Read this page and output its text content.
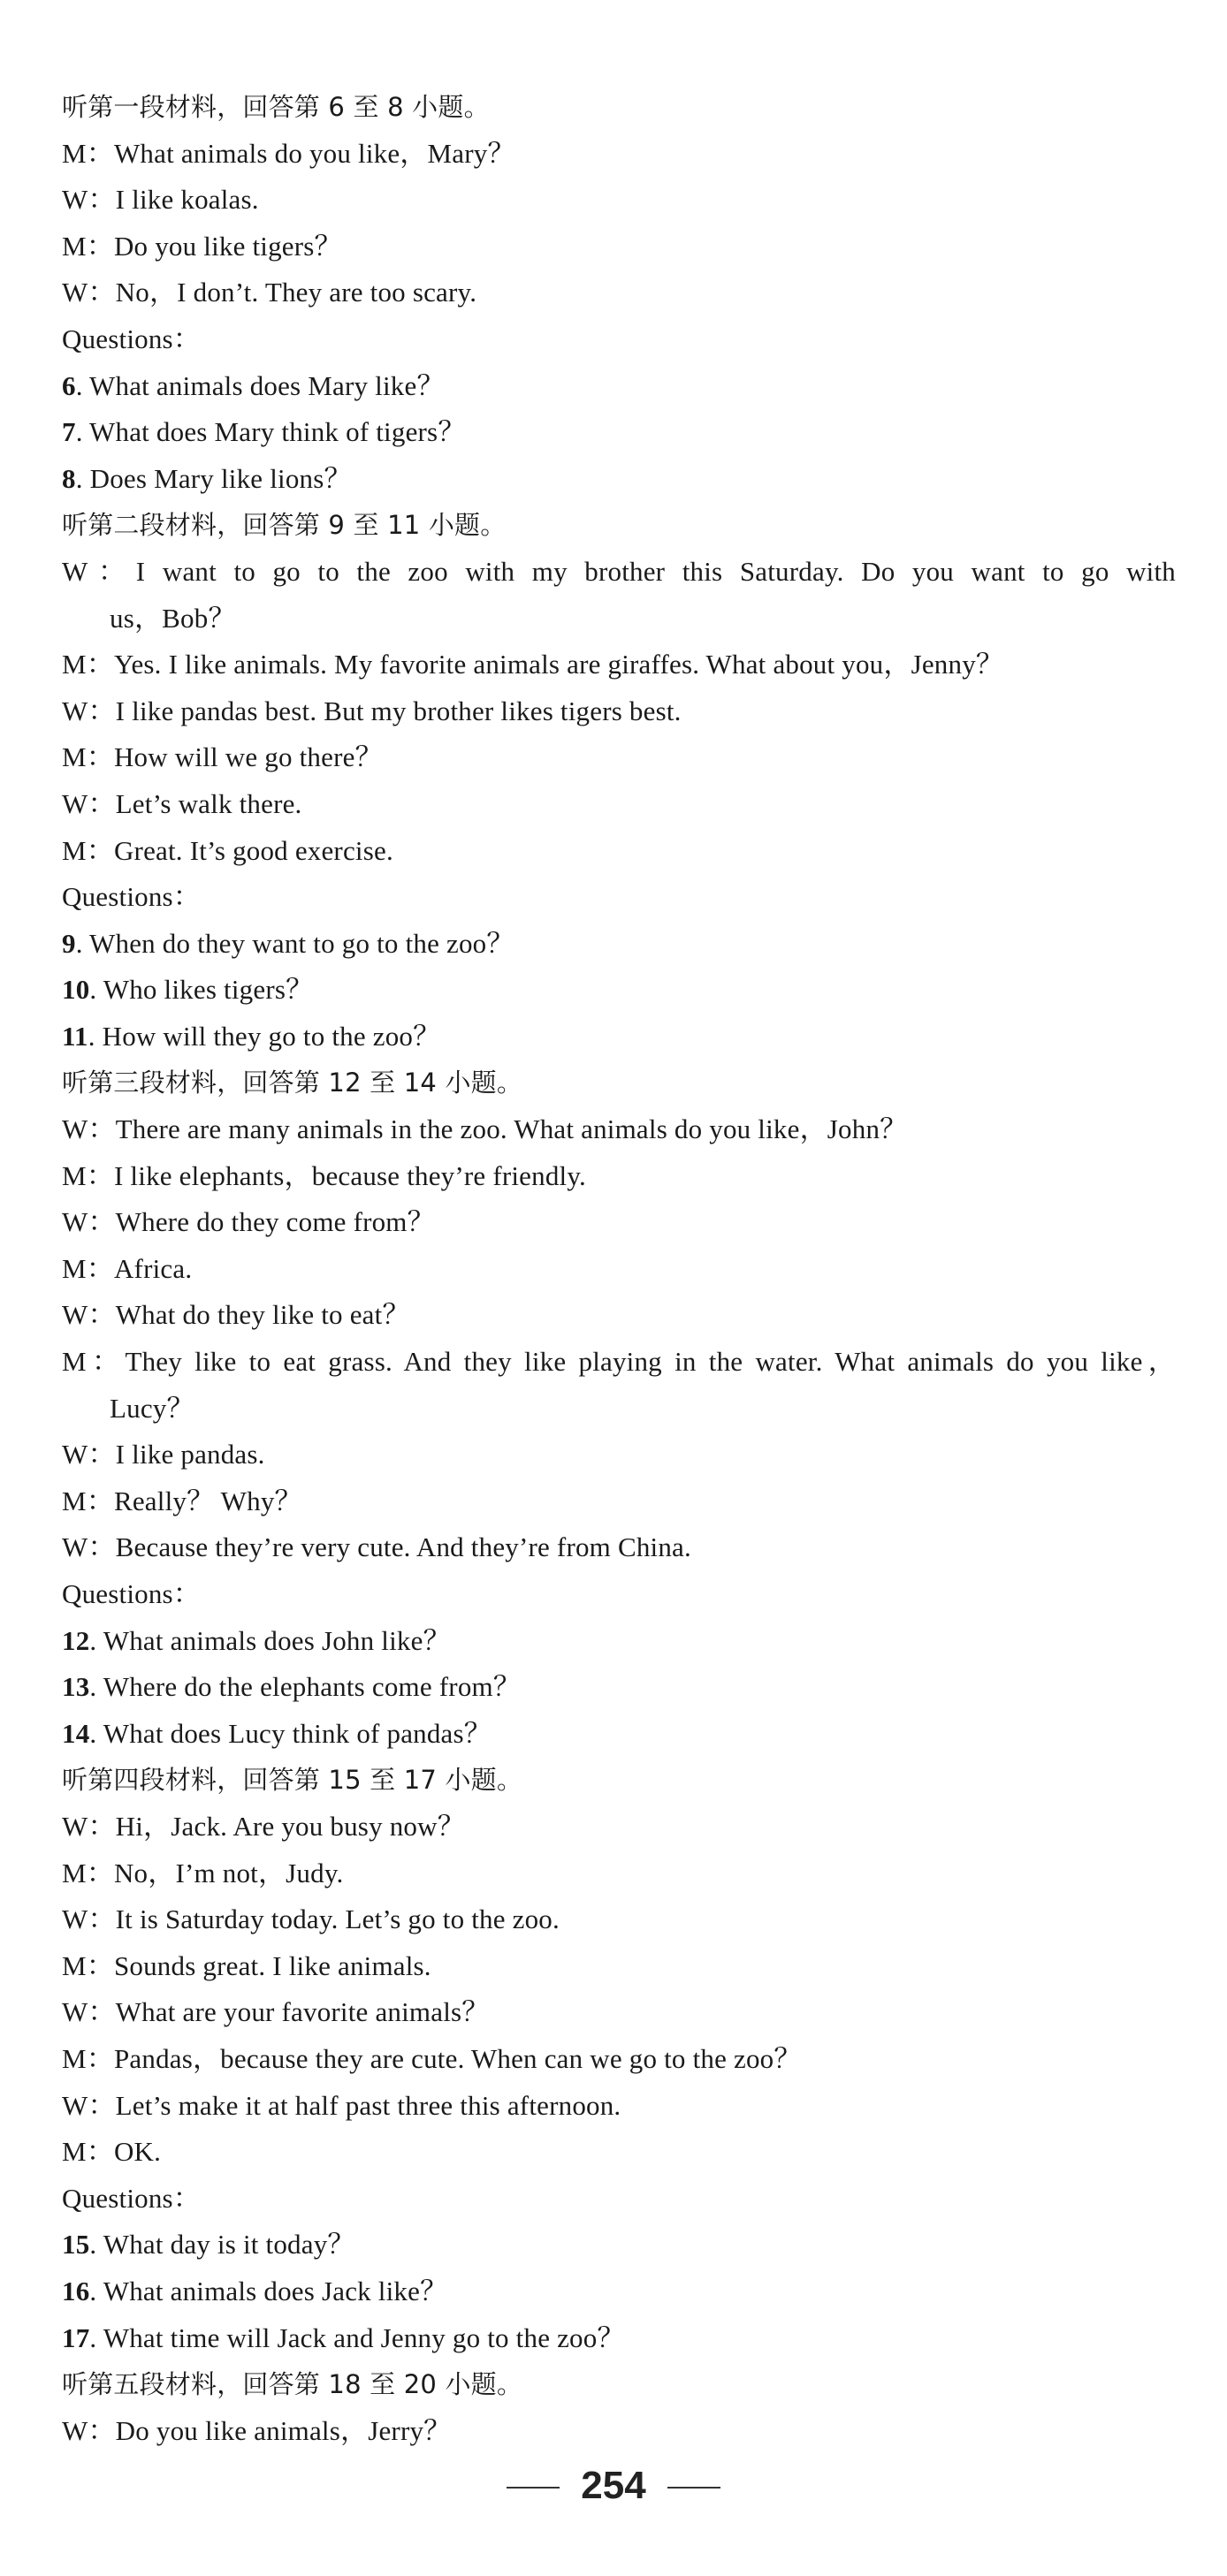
听第一段材料，回答第 6 至 8 小题。
M：What animals do you like，Mary？
W：I like koalas.
M：Do you like tigers？
W：No，I don’t. They are too scary.
Questions：
6. What animals does Mary like？
7. What does Mary think of tigers？
8. Does Mary like lions？
听第二段材料，回答第 9 至 11 小题。
W：I want to go to the zoo with my brother this Saturday. Do you want to go with
us，Bob？
M：Yes. I like animals. My favorite animals are giraffes. What about you，Jenny？
W：I like pandas best. But my brother likes tigers best.
M：How will we go there？
W：Let’s walk there.
M：Great. It’s good exercise.
Questions：
9. When do they want to go to the zoo？
10. Who likes tigers？
11. How will they go to the zoo？
听第三段材料，回答第 12 至 14 小题。
W：There are many animals in the zoo. What animals do you like，John？
M：I like elephants，because they’re friendly.
W：Where do they come from？
M：Africa.
W：What do they like to eat？
M：They like to eat grass. And they like playing in the water. What animals do you like，
Lucy？
W：I like pandas.
M：Really？ Why？
W：Because they’re very cute. And they’re from China.
Questions：
12. What animals does John like？
13. Where do the elephants come from？
14. What does Lucy think of pandas？
听第四段材料，回答第 15 至 17 小题。
W：Hi，Jack. Are you busy now？
M：No，I’m not，Judy.
W：It is Saturday today. Let’s go to the zoo.
M：Sounds great. I like animals.
W：What are your favorite animals？
M：Pandas，because they are cute. When can we go to the zoo？
W：Let’s make it at half past three this afternoon.
M：OK.
Questions：
15. What day is it today？
16. What animals does Jack like？
17. What time will Jack and Jenny go to the zoo？
听第五段材料，回答第 18 至 20 小题。
W：Do you like animals，Jerry？
254
